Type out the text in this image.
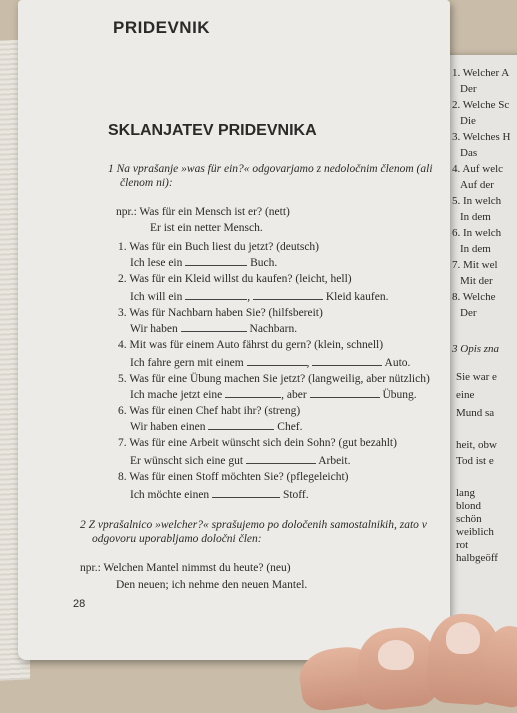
1. Welcher A
Der
2. Welche Sc
Die
3. Welches H
Das
4. Auf welc
Auf der
5. In welch
In dem
6. In welch
In dem
7. Mit wel
Mit der
8. Welche
Der
3 Opis zna
Sie war e
eine
Mund sa
heit, obw
Tod ist e
lang
blond
schön
weiblich
rot
halbgeöff
PRIDEVNIK
SKLANJATEV PRIDEVNIKA
1 Na vprašanje »was für ein?« odgovarjamo z nedoločnim členom (ali
členom ni):
npr.: Was für ein Mensch ist er? (nett)
Er ist ein netter Mensch.
1. Was für ein Buch liest du jetzt? (deutsch)
Ich lese ein	Buch.
2. Was für ein Kleid willst du kaufen? (leicht, hell)
Ich will ein	,	Kleid kaufen.
3. Was für Nachbarn haben Sie? (hilfsbereit)
Wir haben	Nachbarn.
4. Mit was für einem Auto fährst du gern? (klein, schnell)
Ich fahre gern mit einem	,	Auto.
5. Was für eine Übung machen Sie jetzt? (langweilig, aber nützlich)
Ich mache jetzt eine	, aber	Übung.
6. Was für einen Chef habt ihr? (streng)
Wir haben einen	Chef.
7. Was für eine Arbeit wünscht sich dein Sohn? (gut bezahlt)
Er wünscht sich eine gut	Arbeit.
8. Was für einen Stoff möchten Sie? (pflegeleicht)
Ich möchte einen	Stoff.
2 Z vprašalnico »welcher?« sprašujemo po določenih samostalnikih, zato v
odgovoru uporabljamo določni člen:
npr.: Welchen Mantel nimmst du heute? (neu)
Den neuen; ich nehme den neuen Mantel.
28
